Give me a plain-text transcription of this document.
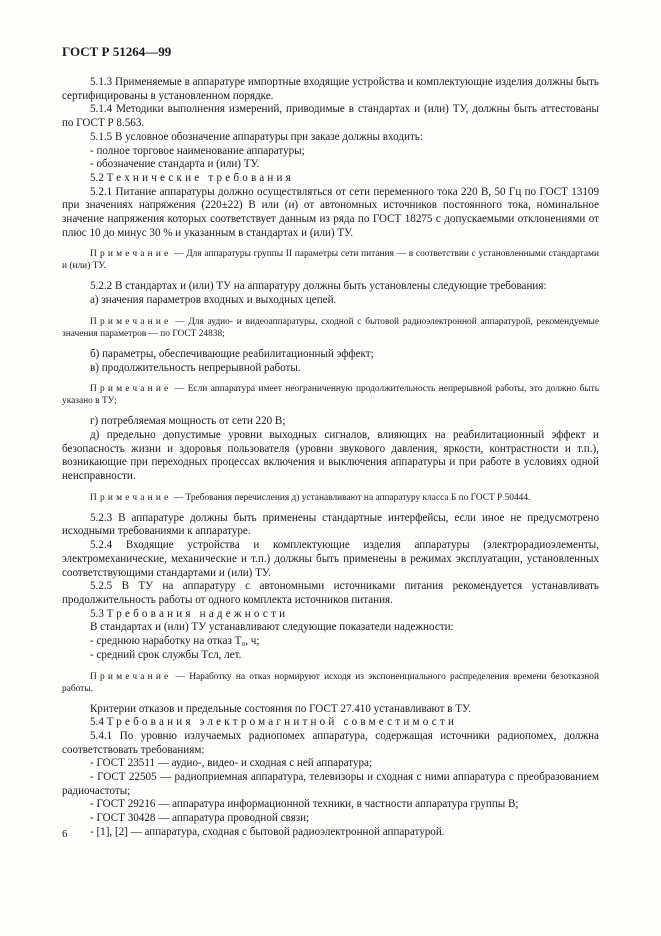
ГОСТ Р 51264—99

5.1.3 Применяемые в аппаратуре импортные входящие устройства и комплектующие изделия должны быть сертифицированы в установленном порядке.

5.1.4 Методики выполнения измерений, приводимые в стандартах и (или) ТУ, должны быть аттестованы по ГОСТ Р 8.563.

5.1.5 В условное обозначение аппаратуры при заказе должны входить:

- полное торговое наименование аппаратуры;

- обозначение стандарта и (или) ТУ.

5.2 Технические требования

5.2.1 Питание аппаратуры должно осуществляться от сети переменного тока 220 В, 50 Гц по ГОСТ 13109 при значениях напряжения (220±22) В или (и) от автономных источников постоянного тока, номинальное значение напряжения которых соответствует данным из ряда по ГОСТ 18275 с допускаемыми отклонениями от плюс 10 до минус 30 % и указанным в стандартах и (или) ТУ.

Примечание — Для аппаратуры группы II параметры сети питания — в соответствии с установленными стандартами и (или) ТУ.

5.2.2 В стандартах и (или) ТУ на аппаратуру должны быть установлены следующие требования:

а) значения параметров входных и выходных цепей.

Примечание — Для аудио- и видеоаппаратуры, сходной с бытовой радиоэлектронной аппаратурой, рекомендуемые значения параметров — по ГОСТ 24838;

б) параметры, обеспечивающие реабилитационный эффект;

в) продолжительность непрерывной работы.

Примечание — Если аппаратура имеет неограниченную продолжительность непрерывной работы, это должно быть указано в ТУ;

г) потребляемая мощность от сети 220 В;

д) предельно допустимые уровни выходных сигналов, влияющих на реабилитационный эффект и безопасность жизни и здоровья пользователя (уровни звукового давления, яркости, контрастности и т.п.), возникающие при переходных процессах включения и выключения аппаратуры и при работе в условиях одной неисправности.

Примечание — Требования перечисления д) устанавливают на аппаратуру класса Б по ГОСТ Р 50444.

5.2.3 В аппаратуре должны быть применены стандартные интерфейсы, если иное не предусмотрено исходными требованиями к аппаратуре.

5.2.4 Входящие устройства и комплектующие изделия аппаратуры (электрорадиоэлементы, электромеханические, механические и т.п.) должны быть применены в режимах эксплуатации, установленных соответствующими стандартами и (или) ТУ.

5.2.5 В ТУ на аппаратуру с автономными источниками питания рекомендуется устанавливать продолжительность работы от одного комплекта источников питания.

5.3 Требования надежности

В стандартах и (или) ТУ устанавливают следующие показатели надежности:

- среднюю наработку на отказ T₀, ч;

- средний срок службы Tсл, лет.

Примечание — Наработку на отказ нормируют исходя из экспоненциального распределения времени безотказной работы.

Критерии отказов и предельные состояния по ГОСТ 27.410 устанавливают в ТУ.

5.4 Требования электромагнитной совместимости

5.4.1 По уровню излучаемых радиопомех аппаратура, содержащая источники радиопомех, должна соответствовать требованиям:

- ГОСТ 23511 — аудио-, видео- и сходная с ней аппаратура;

- ГОСТ 22505 — радиоприемная аппаратура, телевизоры и сходная с ними аппаратура с преобразованием радиочастоты;

- ГОСТ 29216 — аппаратура информационной техники, в частности аппаратура группы В;

- ГОСТ 30428 — аппаратура проводной связи;

- [1], [2] — аппаратура, сходная с бытовой радиоэлектронной аппаратурой.

6
